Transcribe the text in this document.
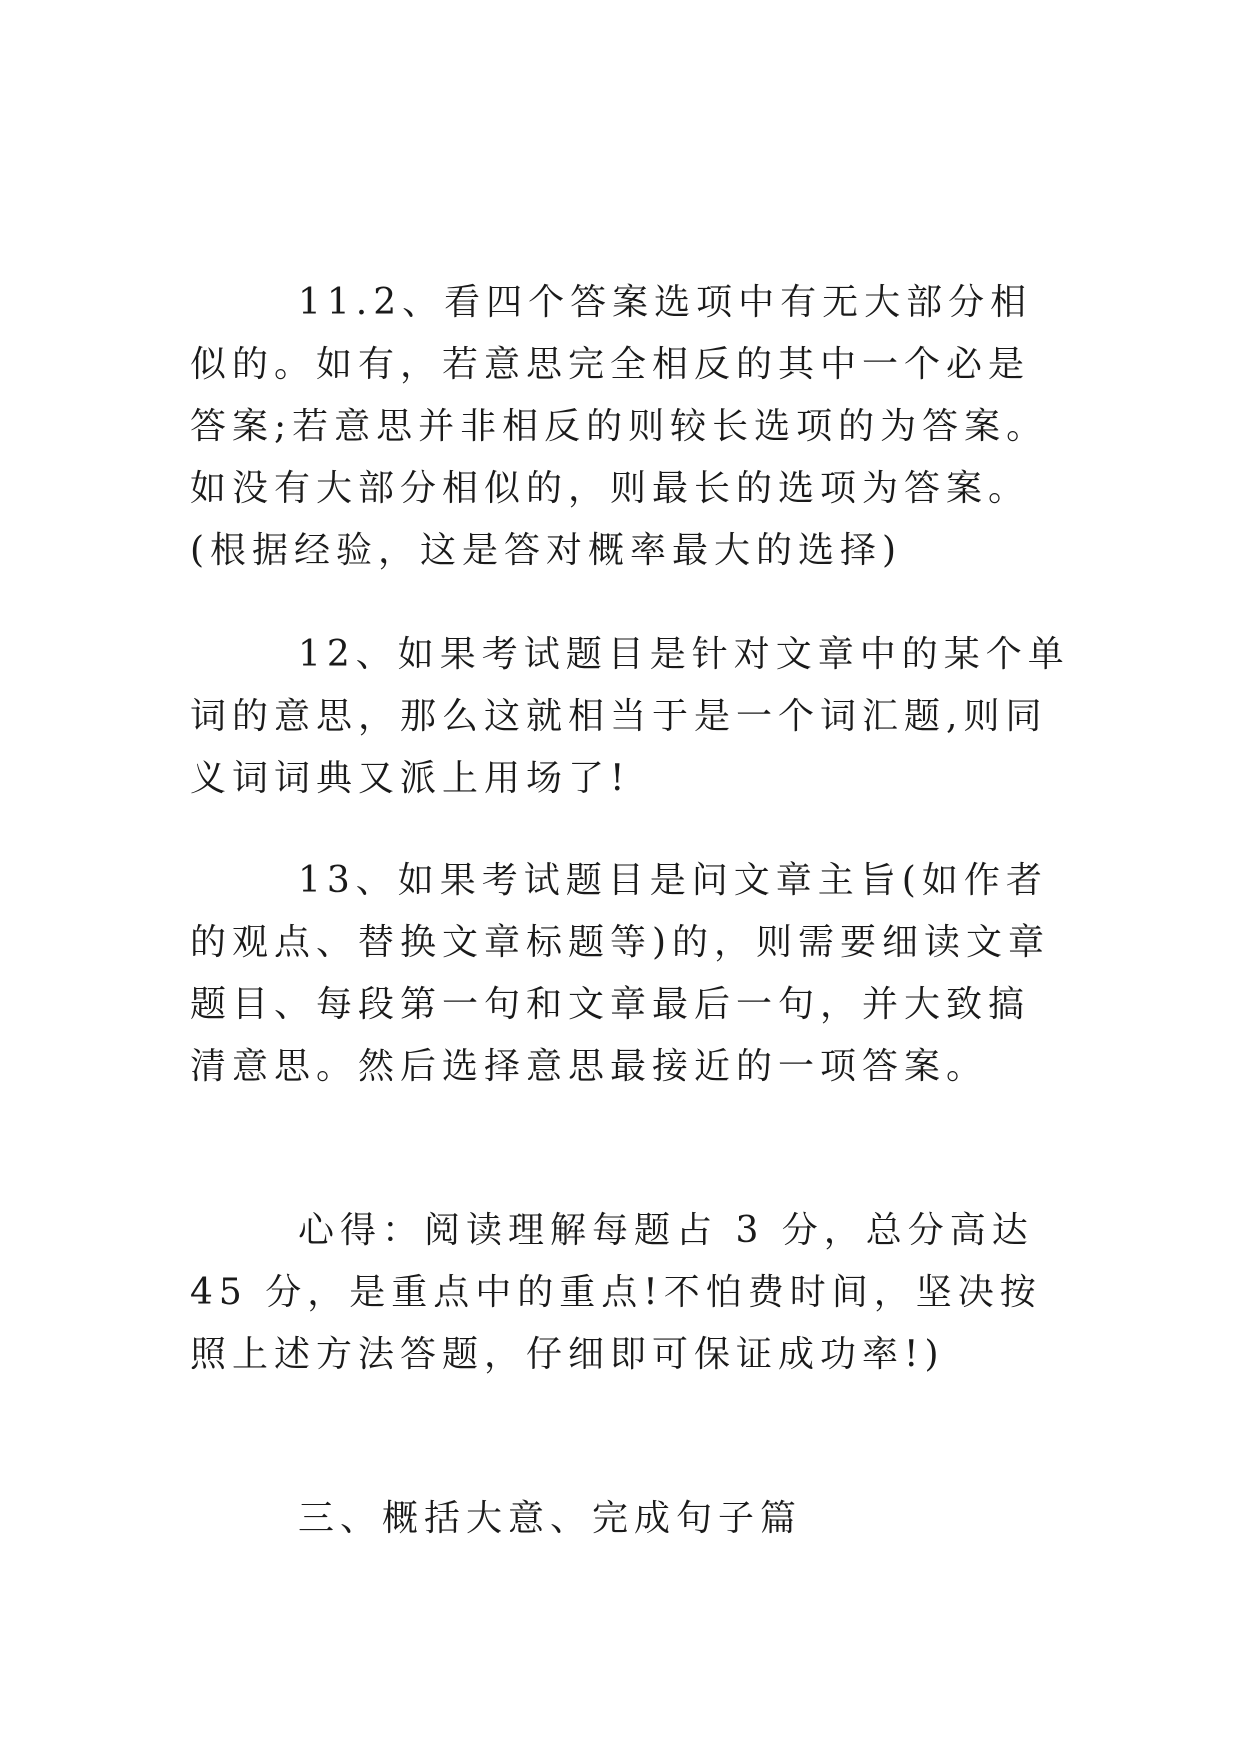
11.2、看四个答案选项中有无大部分相似的。如有，若意思完全相反的其中一个必是答案;若意思并非相反的则较长选项的为答案。如没有大部分相似的，则最长的选项为答案。(根据经验，这是答对概率最大的选择)

12、如果考试题目是针对文章中的某个单词的意思，那么这就相当于是一个词汇题,则同义词词典又派上用场了!

13、如果考试题目是问文章主旨(如作者的观点、替换文章标题等)的，则需要细读文章题目、每段第一句和文章最后一句，并大致搞清意思。然后选择意思最接近的一项答案。

心得：阅读理解每题占 3 分，总分高达 45 分，是重点中的重点!不怕费时间，坚决按照上述方法答题，仔细即可保证成功率!)

三、概括大意、完成句子篇
